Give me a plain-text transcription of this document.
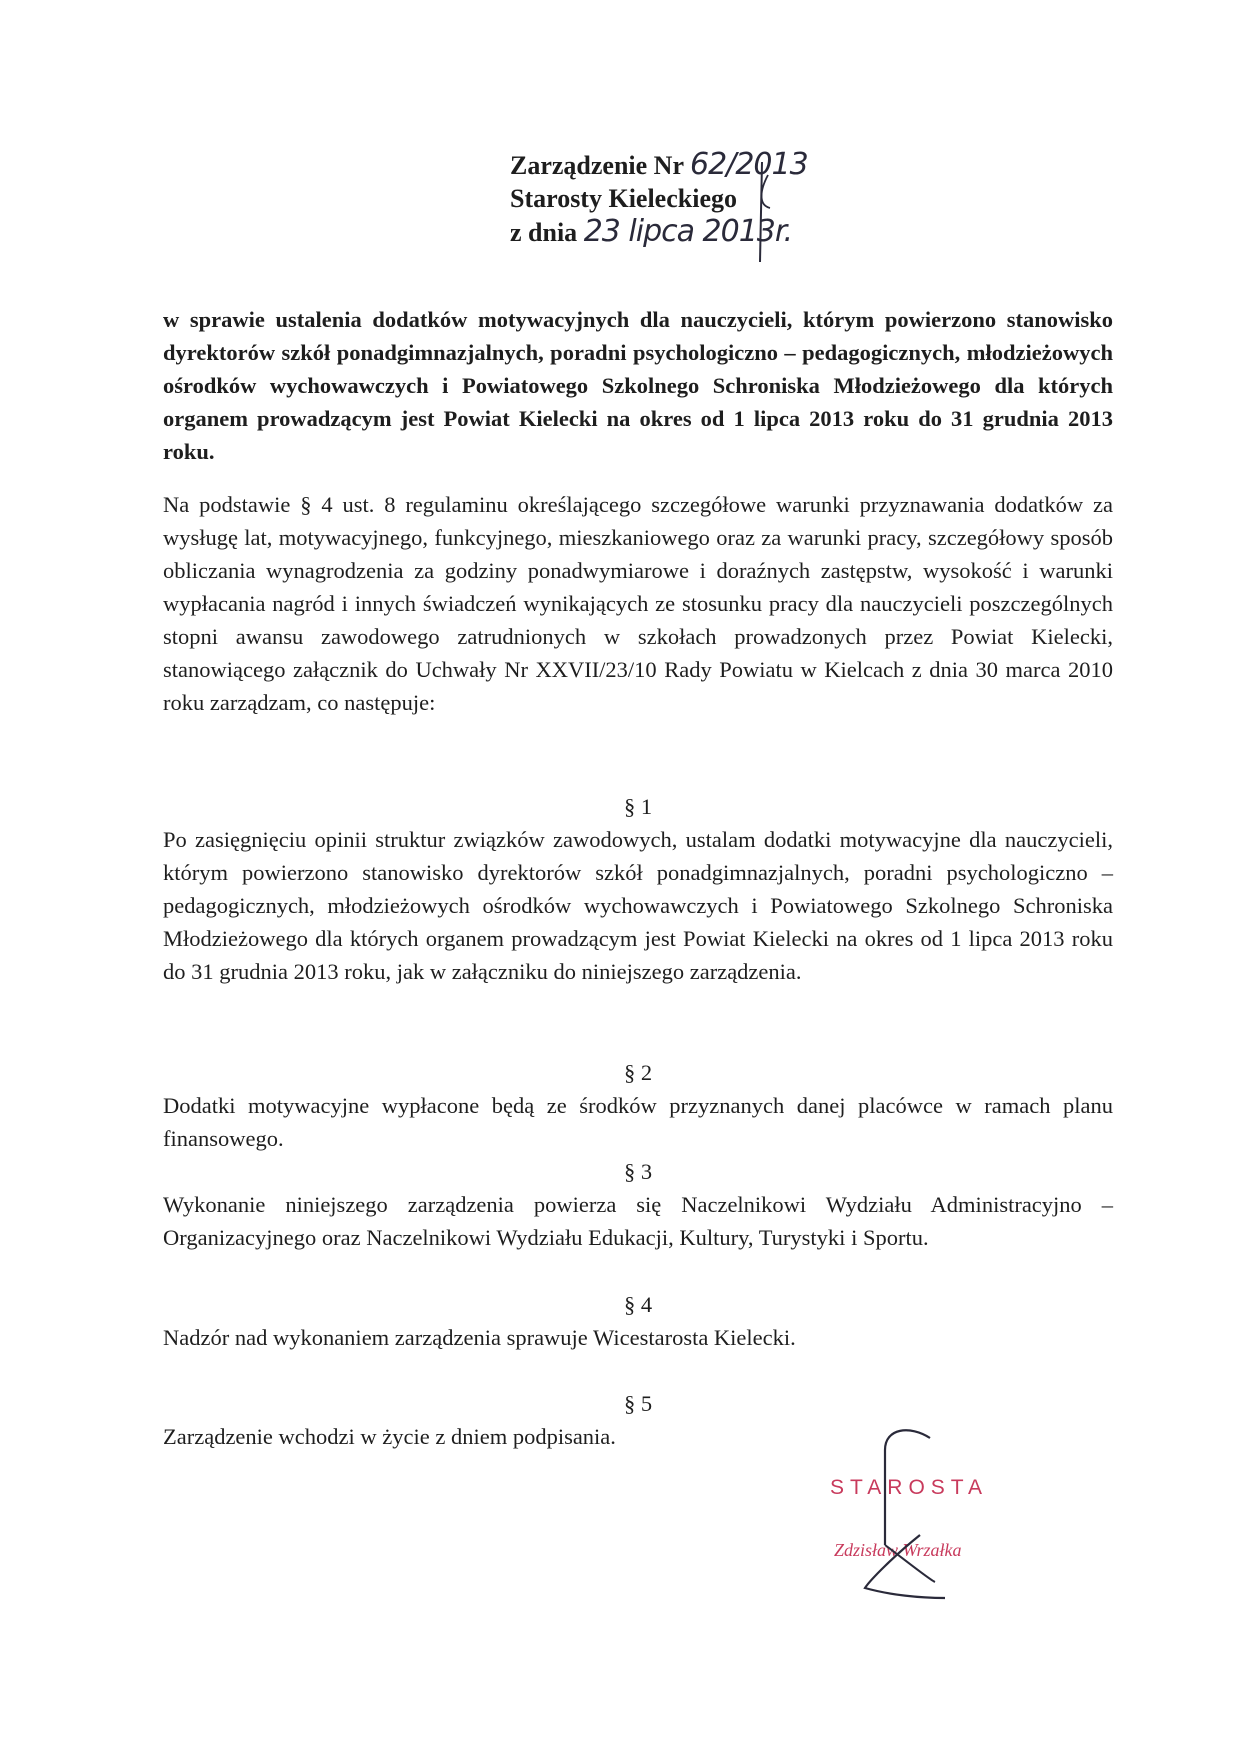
Zarządzenie Nr 62/2013
Starosty Kieleckiego
z dnia 23 lipca 2013r.
w sprawie ustalenia dodatków motywacyjnych dla nauczycieli, którym powierzono stanowisko dyrektorów szkół ponadgimnazjalnych, poradni psychologiczno – pedagogicznych, młodzieżowych ośrodków wychowawczych i Powiatowego Szkolnego Schroniska Młodzieżowego dla których organem prowadzącym jest Powiat Kielecki na okres od 1 lipca 2013 roku do 31 grudnia 2013 roku.
Na podstawie § 4 ust. 8 regulaminu określającego szczegółowe warunki przyznawania dodatków za wysługę lat, motywacyjnego, funkcyjnego, mieszkaniowego oraz za warunki pracy, szczegółowy sposób obliczania wynagrodzenia za godziny ponadwymiarowe i doraźnych zastępstw, wysokość i warunki wypłacania nagród i innych świadczeń wynikających ze stosunku pracy dla nauczycieli poszczególnych stopni awansu zawodowego zatrudnionych w szkołach prowadzonych przez Powiat Kielecki, stanowiącego załącznik do Uchwały Nr XXVII/23/10 Rady Powiatu w Kielcach z dnia 30 marca 2010 roku zarządzam, co następuje:
§ 1
Po zasięgnięciu opinii struktur związków zawodowych, ustalam dodatki motywacyjne dla nauczycieli, którym powierzono stanowisko dyrektorów szkół ponadgimnazjalnych, poradni psychologiczno – pedagogicznych, młodzieżowych ośrodków wychowawczych i Powiatowego Szkolnego Schroniska Młodzieżowego dla których organem prowadzącym jest Powiat Kielecki na okres od 1 lipca 2013 roku do 31 grudnia 2013 roku, jak w załączniku do niniejszego zarządzenia.
§ 2
Dodatki motywacyjne wypłacone będą ze środków przyznanych danej placówce w ramach planu finansowego.
§ 3
Wykonanie niniejszego zarządzenia powierza się Naczelnikowi Wydziału Administracyjno – Organizacyjnego oraz Naczelnikowi Wydziału Edukacji, Kultury, Turystyki i Sportu.
§ 4
Nadzór nad wykonaniem zarządzenia sprawuje Wicestarosta Kielecki.
§ 5
Zarządzenie wchodzi w życie z dniem podpisania.
STAROSTA
Zdzisław Wrzałka
